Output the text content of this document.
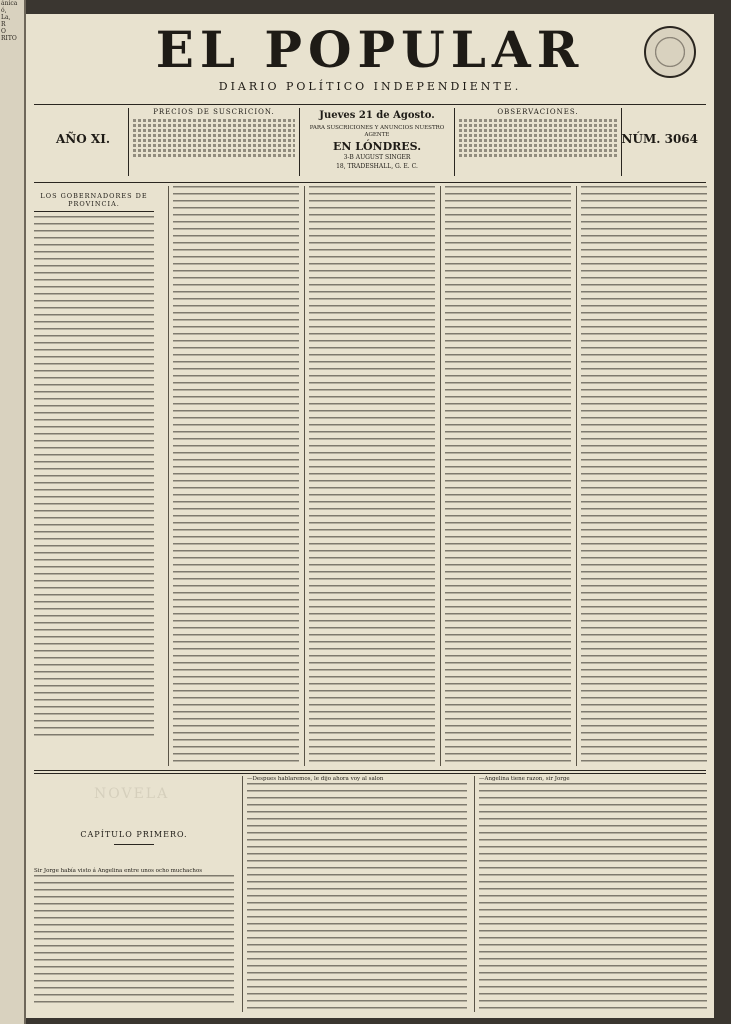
ánica
ó,
La,
R
O
RITO	EL POPULAR
DIARIO POLÍTICO INDEPENDIENTE.
AÑO XI.
PRECIOS DE SUSCRICION.	Jueves 21 de Agosto.
PARA SUSCRICIONES Y ANUNCIOS NUESTRO AGENTE
EN LÓNDRES.
3-B AUGUST SINGER
18, TRADESHALL, G. E. C.
OBSERVACIONES.
NÚM. 3064
LOS GOBERNADORES DE PROVINCIA.
NOVELA
CAPÍTULO PRIMERO.
Sir Jorge había visto á Angelina entre unos ocho muchachos
—Despues hablaremos, le dijo ahora voy al salon	—Angelina tiene razon, sir Jorge
